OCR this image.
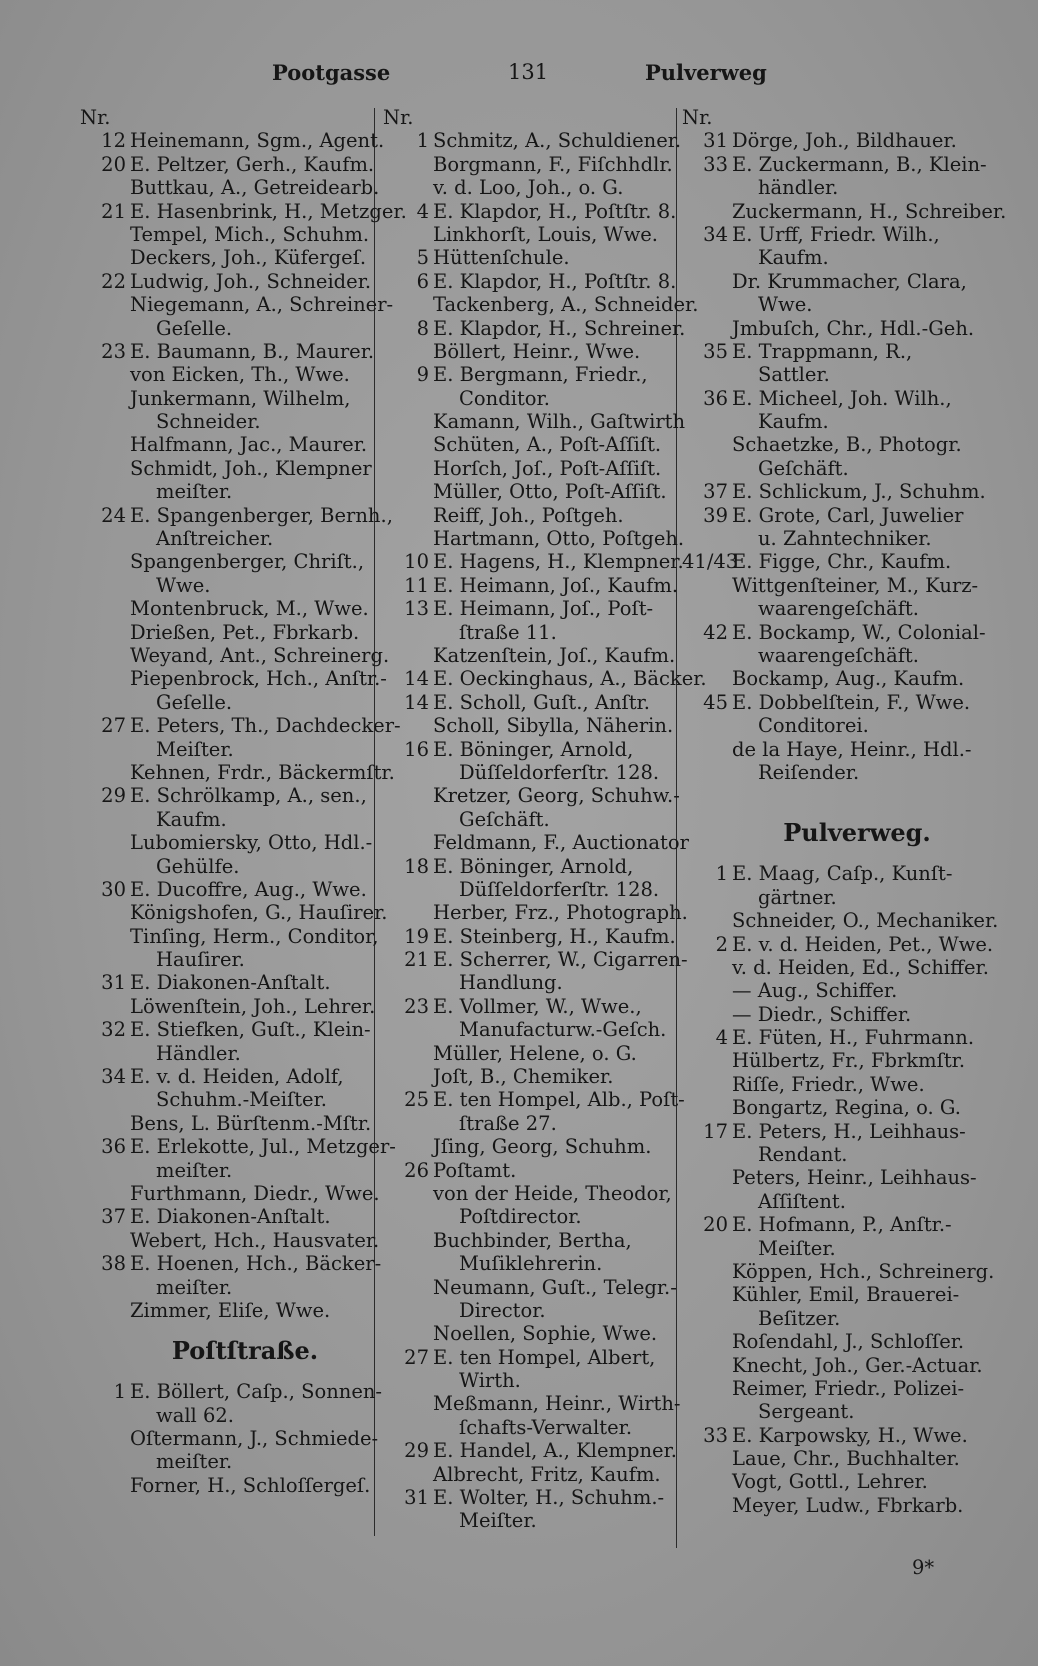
Pootgasse	131	Pulverweg
Nr.
12 Heinemann, Sgm., Agent.
20 E. Peltzer, Gerh., Kaufm.
Buttkau, A., Getreidearb.
21 E. Hasenbrink, H., Metzger.
Tempel, Mich., Schuhm.
Deckers, Joh., Küfergeſ.
22 Ludwig, Joh., Schneider.
Niegemann, A., Schreiner-
Geſelle.
23 E. Baumann, B., Maurer.
von Eicken, Th., Wwe.
Junkermann, Wilhelm,
Schneider.
Halfmann, Jac., Maurer.
Schmidt, Joh., Klempner
meiſter.
24 E. Spangenberger, Bernh.,
Anſtreicher.
Spangenberger, Chriſt.,
Wwe.
Montenbruck, M., Wwe.
Drießen, Pet., Fbrkarb.
Weyand, Ant., Schreinerg.
Piepenbrock, Hch., Anſtr.-
Geſelle.
27 E. Peters, Th., Dachdecker-
Meiſter.
Kehnen, Frdr., Bäckermſtr.
29 E. Schrölkamp, A., sen.,
Kaufm.
Lubomiersky, Otto, Hdl.-
Gehülfe.
30 E. Ducoffre, Aug., Wwe.
Königshofen, G., Hauſirer.
Tinſing, Herm., Conditor,
Hauſirer.
31 E. Diakonen-Anſtalt.
Löwenſtein, Joh., Lehrer.
32 E. Stiefken, Guſt., Klein-
Händler.
34 E. v. d. Heiden, Adolf,
Schuhm.-Meiſter.
Bens, L. Bürſtenm.-Mſtr.
36 E. Erlekotte, Jul., Metzger-
meiſter.
Furthmann, Diedr., Wwe.
37 E. Diakonen-Anſtalt.
Webert, Hch., Hausvater.
38 E. Hoenen, Hch., Bäcker-
meiſter.
Zimmer, Eliſe, Wwe.
Poſtſtraße.
1 E. Böllert, Caſp., Sonnen-
wall 62.
Oſtermann, J., Schmiede-
meiſter.
Forner, H., Schloſſergeſ.
Nr.
1 Schmitz, A., Schuldiener.
Borgmann, F., Fiſchhdlr.
v. d. Loo, Joh., o. G.
4 E. Klapdor, H., Poſtſtr. 8.
Linkhorſt, Louis, Wwe.
5 Hüttenſchule.
6 E. Klapdor, H., Poſtſtr. 8.
Tackenberg, A., Schneider.
8 E. Klapdor, H., Schreiner.
Böllert, Heinr., Wwe.
9 E. Bergmann, Friedr.,
Conditor.
Kamann, Wilh., Gaſtwirth
Schüten, A., Poſt-Aſſiſt.
Horſch, Joſ., Poſt-Aſſiſt.
Müller, Otto, Poſt-Aſſiſt.
Reiff, Joh., Poſtgeh.
Hartmann, Otto, Poſtgeh.
10 E. Hagens, H., Klempner.
11 E. Heimann, Joſ., Kaufm.
13 E. Heimann, Joſ., Poſt-
ſtraße 11.
Katzenſtein, Joſ., Kaufm.
14 E. Oeckinghaus, A., Bäcker.
14 E. Scholl, Guſt., Anſtr.
Scholl, Sibylla, Näherin.
16 E. Böninger, Arnold,
Düſſeldorferſtr. 128.
Kretzer, Georg, Schuhw.-
Geſchäft.
Feldmann, F., Auctionator
18 E. Böninger, Arnold,
Düſſeldorferſtr. 128.
Herber, Frz., Photograph.
19 E. Steinberg, H., Kaufm.
21 E. Scherrer, W., Cigarren-
Handlung.
23 E. Vollmer, W., Wwe.,
Manufacturw.-Geſch.
Müller, Helene, o. G.
Joſt, B., Chemiker.
25 E. ten Hompel, Alb., Poſt-
ſtraße 27.
Jſing, Georg, Schuhm.
26 Poſtamt.
von der Heide, Theodor,
Poſtdirector.
Buchbinder, Bertha,
Muſiklehrerin.
Neumann, Guſt., Telegr.-
Director.
Noellen, Sophie, Wwe.
27 E. ten Hompel, Albert,
Wirth.
Meßmann, Heinr., Wirth-
ſchafts-Verwalter.
29 E. Handel, A., Klempner.
Albrecht, Fritz, Kaufm.
31 E. Wolter, H., Schuhm.-
Meiſter.
Nr.
31 Dörge, Joh., Bildhauer.
33 E. Zuckermann, B., Klein-
händler.
Zuckermann, H., Schreiber.
34 E. Urff, Friedr. Wilh.,
Kaufm.
Dr. Krummacher, Clara,
Wwe.
Jmbuſch, Chr., Hdl.-Geh.
35 E. Trappmann, R.,
Sattler.
36 E. Micheel, Joh. Wilh.,
Kaufm.
Schaetzke, B., Photogr.
Geſchäft.
37 E. Schlickum, J., Schuhm.
39 E. Grote, Carl, Juwelier
u. Zahntechniker.
41/43
E. Figge, Chr., Kaufm.
Wittgenſteiner, M., Kurz-
waarengeſchäft.
42 E. Bockamp, W., Colonial-
waarengeſchäft.
Bockamp, Aug., Kaufm.
45 E. Dobbelſtein, F., Wwe.
Conditorei.
de la Haye, Heinr., Hdl.-
Reiſender.
Pulverweg.
1 E. Maag, Caſp., Kunſt-
gärtner.
Schneider, O., Mechaniker.
2 E. v. d. Heiden, Pet., Wwe.
v. d. Heiden, Ed., Schiffer.
— Aug., Schiffer.
— Diedr., Schiffer.
4 E. Füten, H., Fuhrmann.
Hülbertz, Fr., Fbrkmſtr.
Riſſe, Friedr., Wwe.
Bongartz, Regina, o. G.
17 E. Peters, H., Leihhaus-
Rendant.
Peters, Heinr., Leihhaus-
Aſſiſtent.
20 E. Hofmann, P., Anſtr.-
Meiſter.
Köppen, Hch., Schreinerg.
Kühler, Emil, Brauerei-
Beſitzer.
Roſendahl, J., Schloſſer.
Knecht, Joh., Ger.-Actuar.
Reimer, Friedr., Polizei-
Sergeant.
33 E. Karpowsky, H., Wwe.
Laue, Chr., Buchhalter.
Vogt, Gottl., Lehrer.
Meyer, Ludw., Fbrkarb.
9*
